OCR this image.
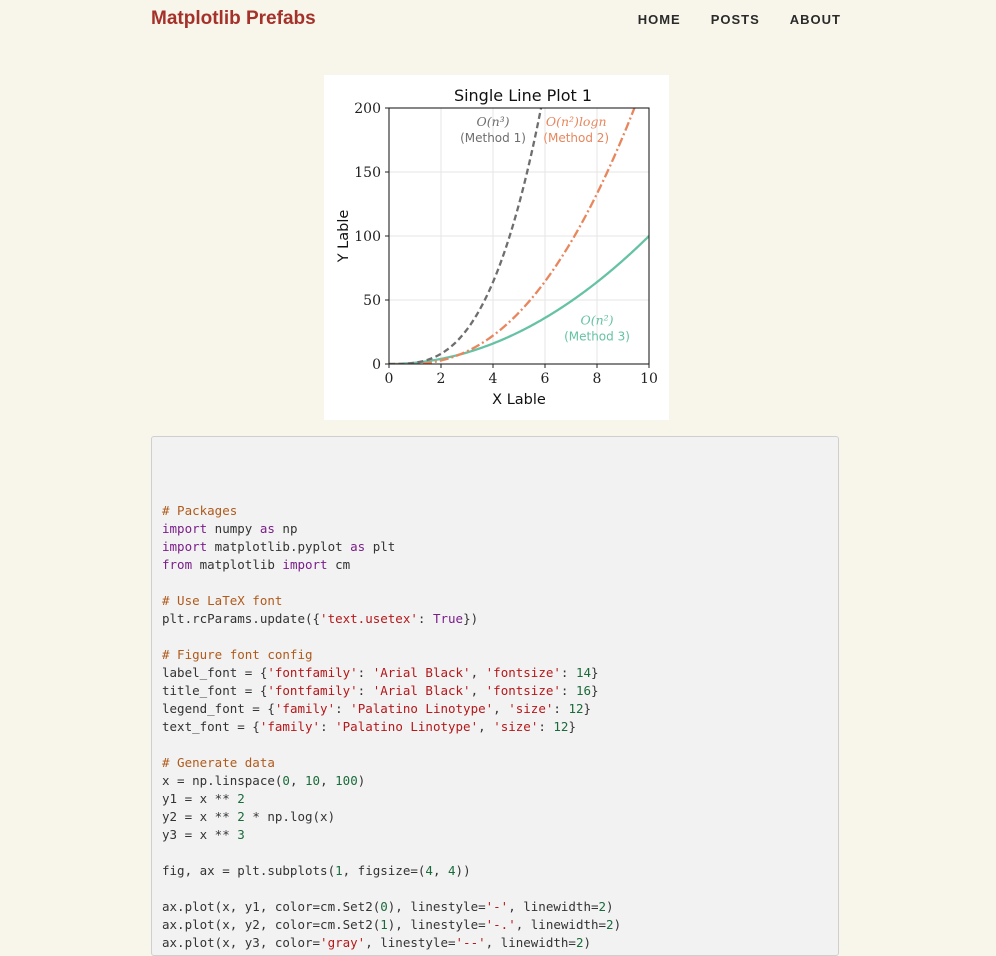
Matplotlib Prefabs	HOME POSTS ABOUT
0	2	4	6	8	10
0
50
100
150
200
Single Line Plot 1
X Lable
Y Lable
O(n³)
(Method 1)
O(n²)logn
(Method 2)
O(n²)
(Method 3)

# Packages
import numpy as np
import matplotlib.pyplot as plt
from matplotlib import cm

# Use LaTeX font
plt.rcParams.update({'text.usetex': True})

# Figure font config
label_font = {'fontfamily': 'Arial Black', 'fontsize': 14}
title_font = {'fontfamily': 'Arial Black', 'fontsize': 16}
legend_font = {'family': 'Palatino Linotype', 'size': 12}
text_font = {'family': 'Palatino Linotype', 'size': 12}

# Generate data
x = np.linspace(0, 10, 100)
y1 = x ** 2
y2 = x ** 2 * np.log(x)
y3 = x ** 3

fig, ax = plt.subplots(1, figsize=(4, 4))

ax.plot(x, y1, color=cm.Set2(0), linestyle='-', linewidth=2)
ax.plot(x, y2, color=cm.Set2(1), linestyle='-.', linewidth=2)
ax.plot(x, y3, color='gray', linestyle='--', linewidth=2)
